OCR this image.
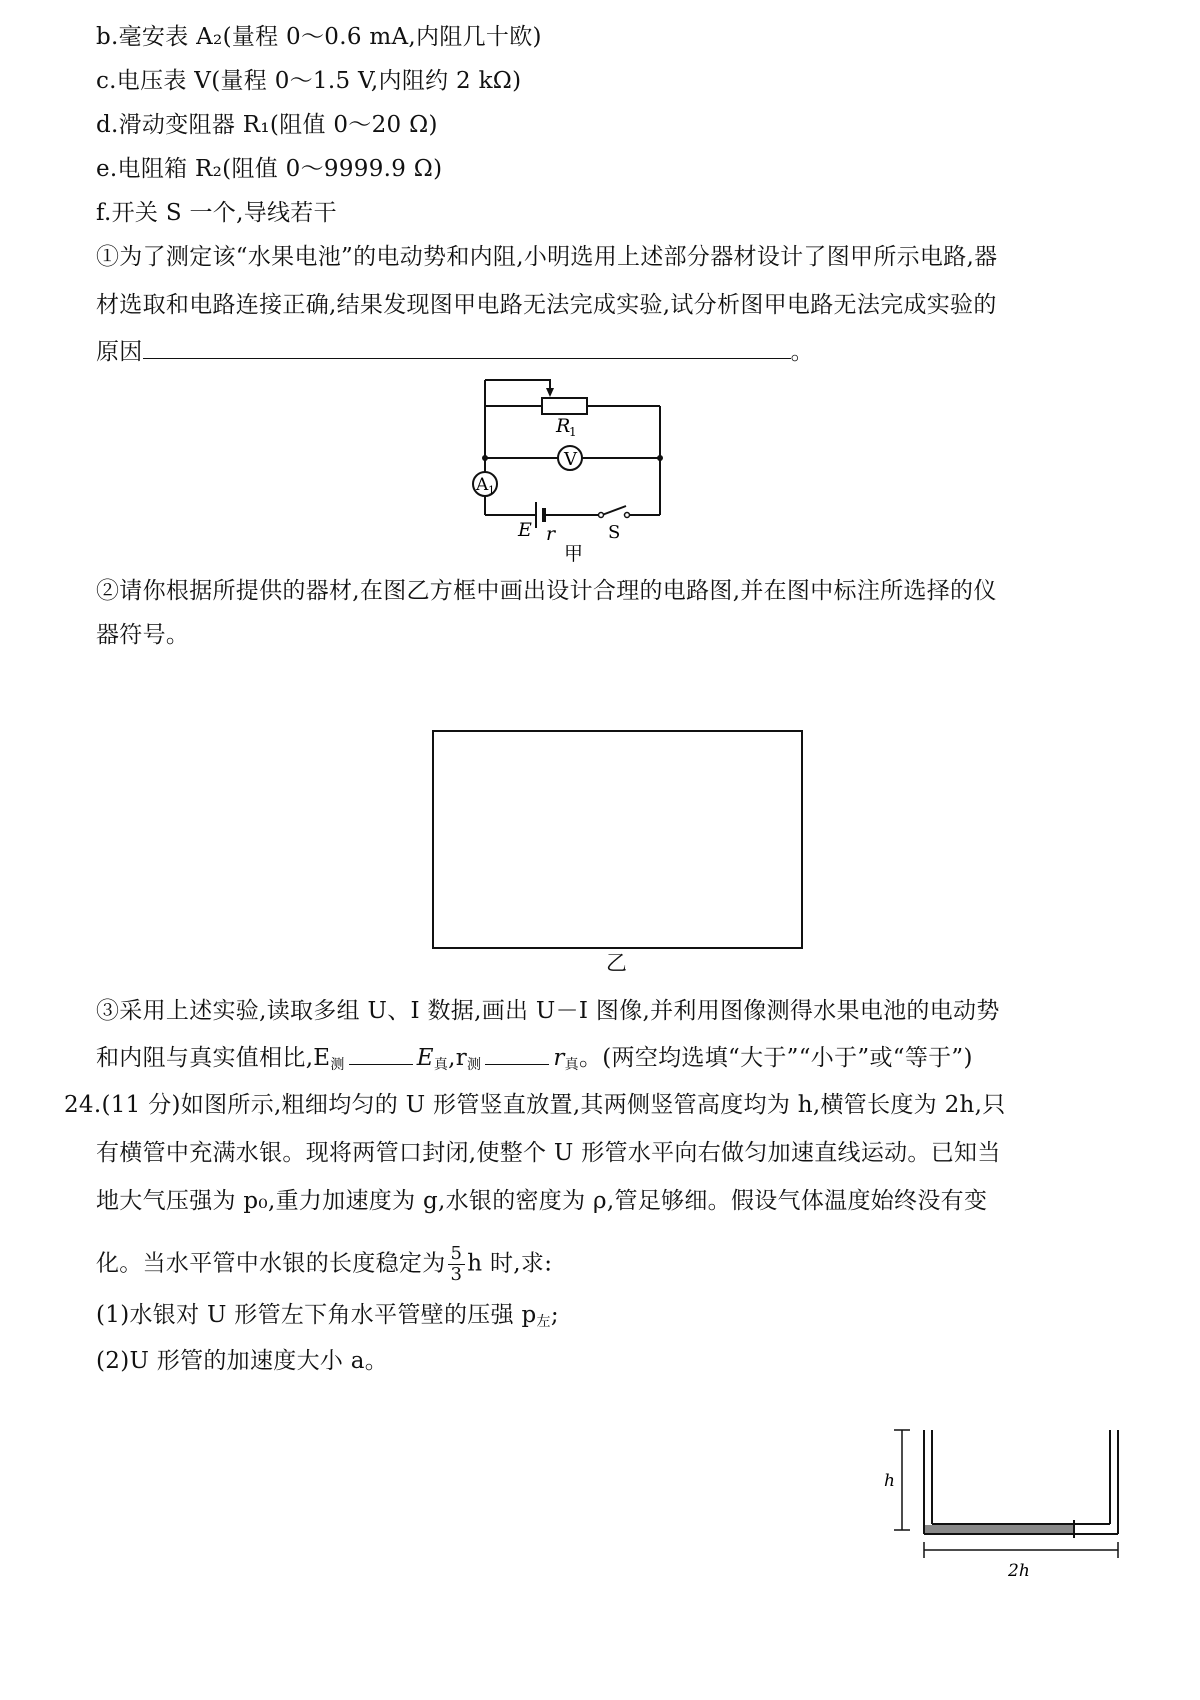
b.毫安表 A₂(量程 0～0.6 mA,内阻几十欧)
c.电压表 V(量程 0～1.5 V,内阻约 2 kΩ)
d.滑动变阻器 R₁(阻值 0～20 Ω)
e.电阻箱 R₂(阻值 0～9999.9 Ω)
f.开关 S 一个,导线若干
①为了测定该“水果电池”的电动势和内阻,小明选用上述部分器材设计了图甲所示电路,器
材选取和电路连接正确,结果发现图甲电路无法完成实验,试分析图甲电路无法完成实验的
原因	。
R
1
V
A 1
E r	S
甲
②请你根据所提供的器材,在图乙方框中画出设计合理的电路图,并在图中标注所选择的仪
器符号。
乙
③采用上述实验,读取多组 U、I 数据,画出 U－I 图像,并利用图像测得水果电池的电动势
和内阻与真实值相比$,E_测$	$E_真,r_测$	$r_真$。(两空均选填“大于”“小于”或“等于”)
24.(11 分)如图所示,粗细均匀的 U 形管竖直放置,其两侧竖管高度均为 h,横管长度为 2h,只
有横管中充满水银。现将两管口封闭,使整个 U 形管水平向右做匀加速直线运动。已知当
地大气压强为 p₀,重力加速度为 g,水银的密度为 ρ,管足够细。假设气体温度始终没有变
化。当水平管中水银的长度稳定为 $\frac{5}{3}$ h 时,求:
(1)水银对 U 形管左下角水平管壁的压强 $p_左$;
(2)U 形管的加速度大小 a。
h
2h
